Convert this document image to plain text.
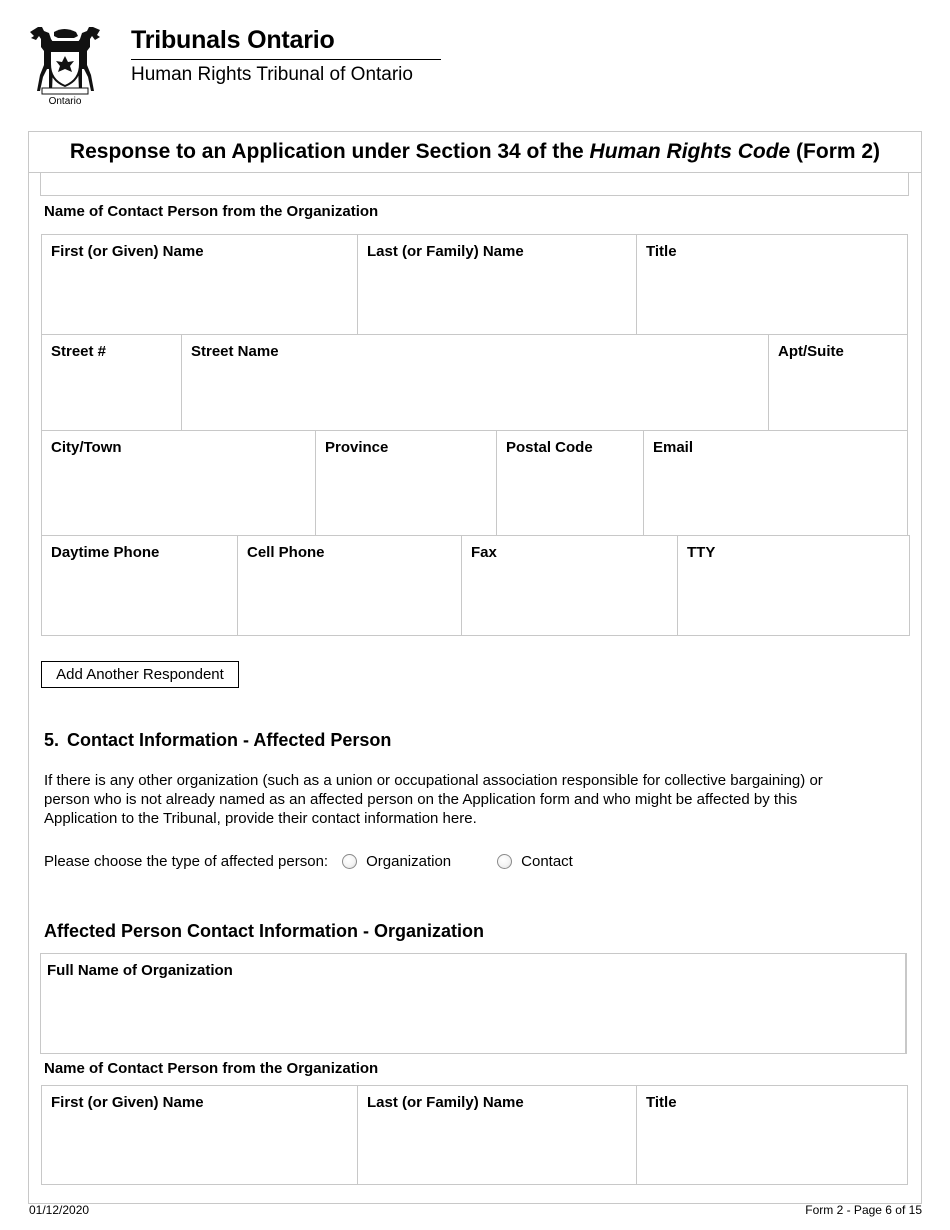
Ontario
Tribunals Ontario
Human Rights Tribunal of Ontario
Response to an Application under Section 34 of the Human Rights Code (Form 2)
Name of Contact Person from the Organization
First (or Given) Name	Last (or Family) Name	Title
Street #	Street Name	Apt/Suite
City/Town	Province	Postal Code	Email
Daytime Phone	Cell Phone	Fax	TTY
Add Another Respondent
5. Contact Information - Affected Person
If there is any other organization (such as a union or occupational association responsible for collective bargaining) or
person who is not already named as an affected person on the Application form and who might be affected by this
Application to the Tribunal, provide their contact information here.
Please choose the type of affected person:	Organization	Contact
Affected Person Contact Information - Organization
Full Name of Organization
Name of Contact Person from the Organization
First (or Given) Name	Last (or Family) Name	Title
01/12/2020	Form 2 - Page 6 of 15
